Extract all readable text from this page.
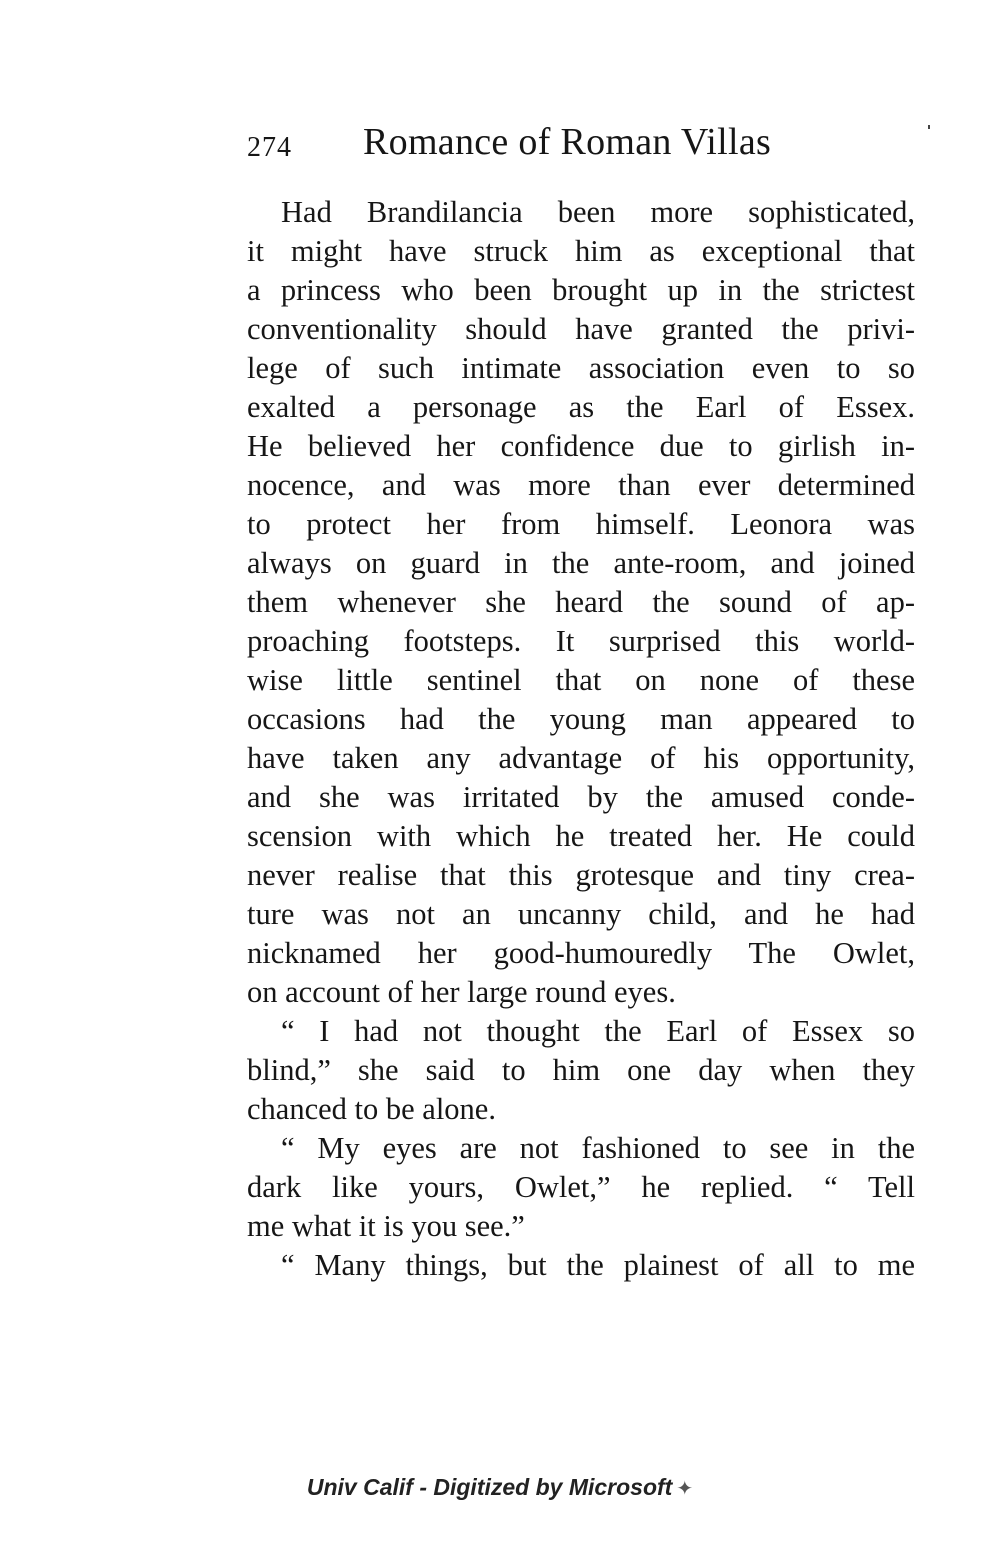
274 Romance of Roman Villas
Had Brandilancia been more sophisticated,
it might have struck him as exceptional that
a princess who been brought up in the strictest
conventionality should have granted the privi-
lege of such intimate association even to so
exalted a personage as the Earl of Essex.
He believed her confidence due to girlish in-
nocence, and was more than ever determined
to protect her from himself. Leonora was
always on guard in the ante-room, and joined
them whenever she heard the sound of ap-
proaching footsteps. It surprised this world-
wise little sentinel that on none of these
occasions had the young man appeared to
have taken any advantage of his opportunity,
and she was irritated by the amused conde-
scension with which he treated her. He could
never realise that this grotesque and tiny crea-
ture was not an uncanny child, and he had
nicknamed her good-humouredly The Owlet,
on account of her large round eyes.
“ I had not thought the Earl of Essex so
blind,” she said to him one day when they
chanced to be alone.
“ My eyes are not fashioned to see in the
dark like yours, Owlet,” he replied. “ Tell
me what it is you see.”
“ Many things, but the plainest of all to me
Univ Calif - Digitized by Microsoft ✦
